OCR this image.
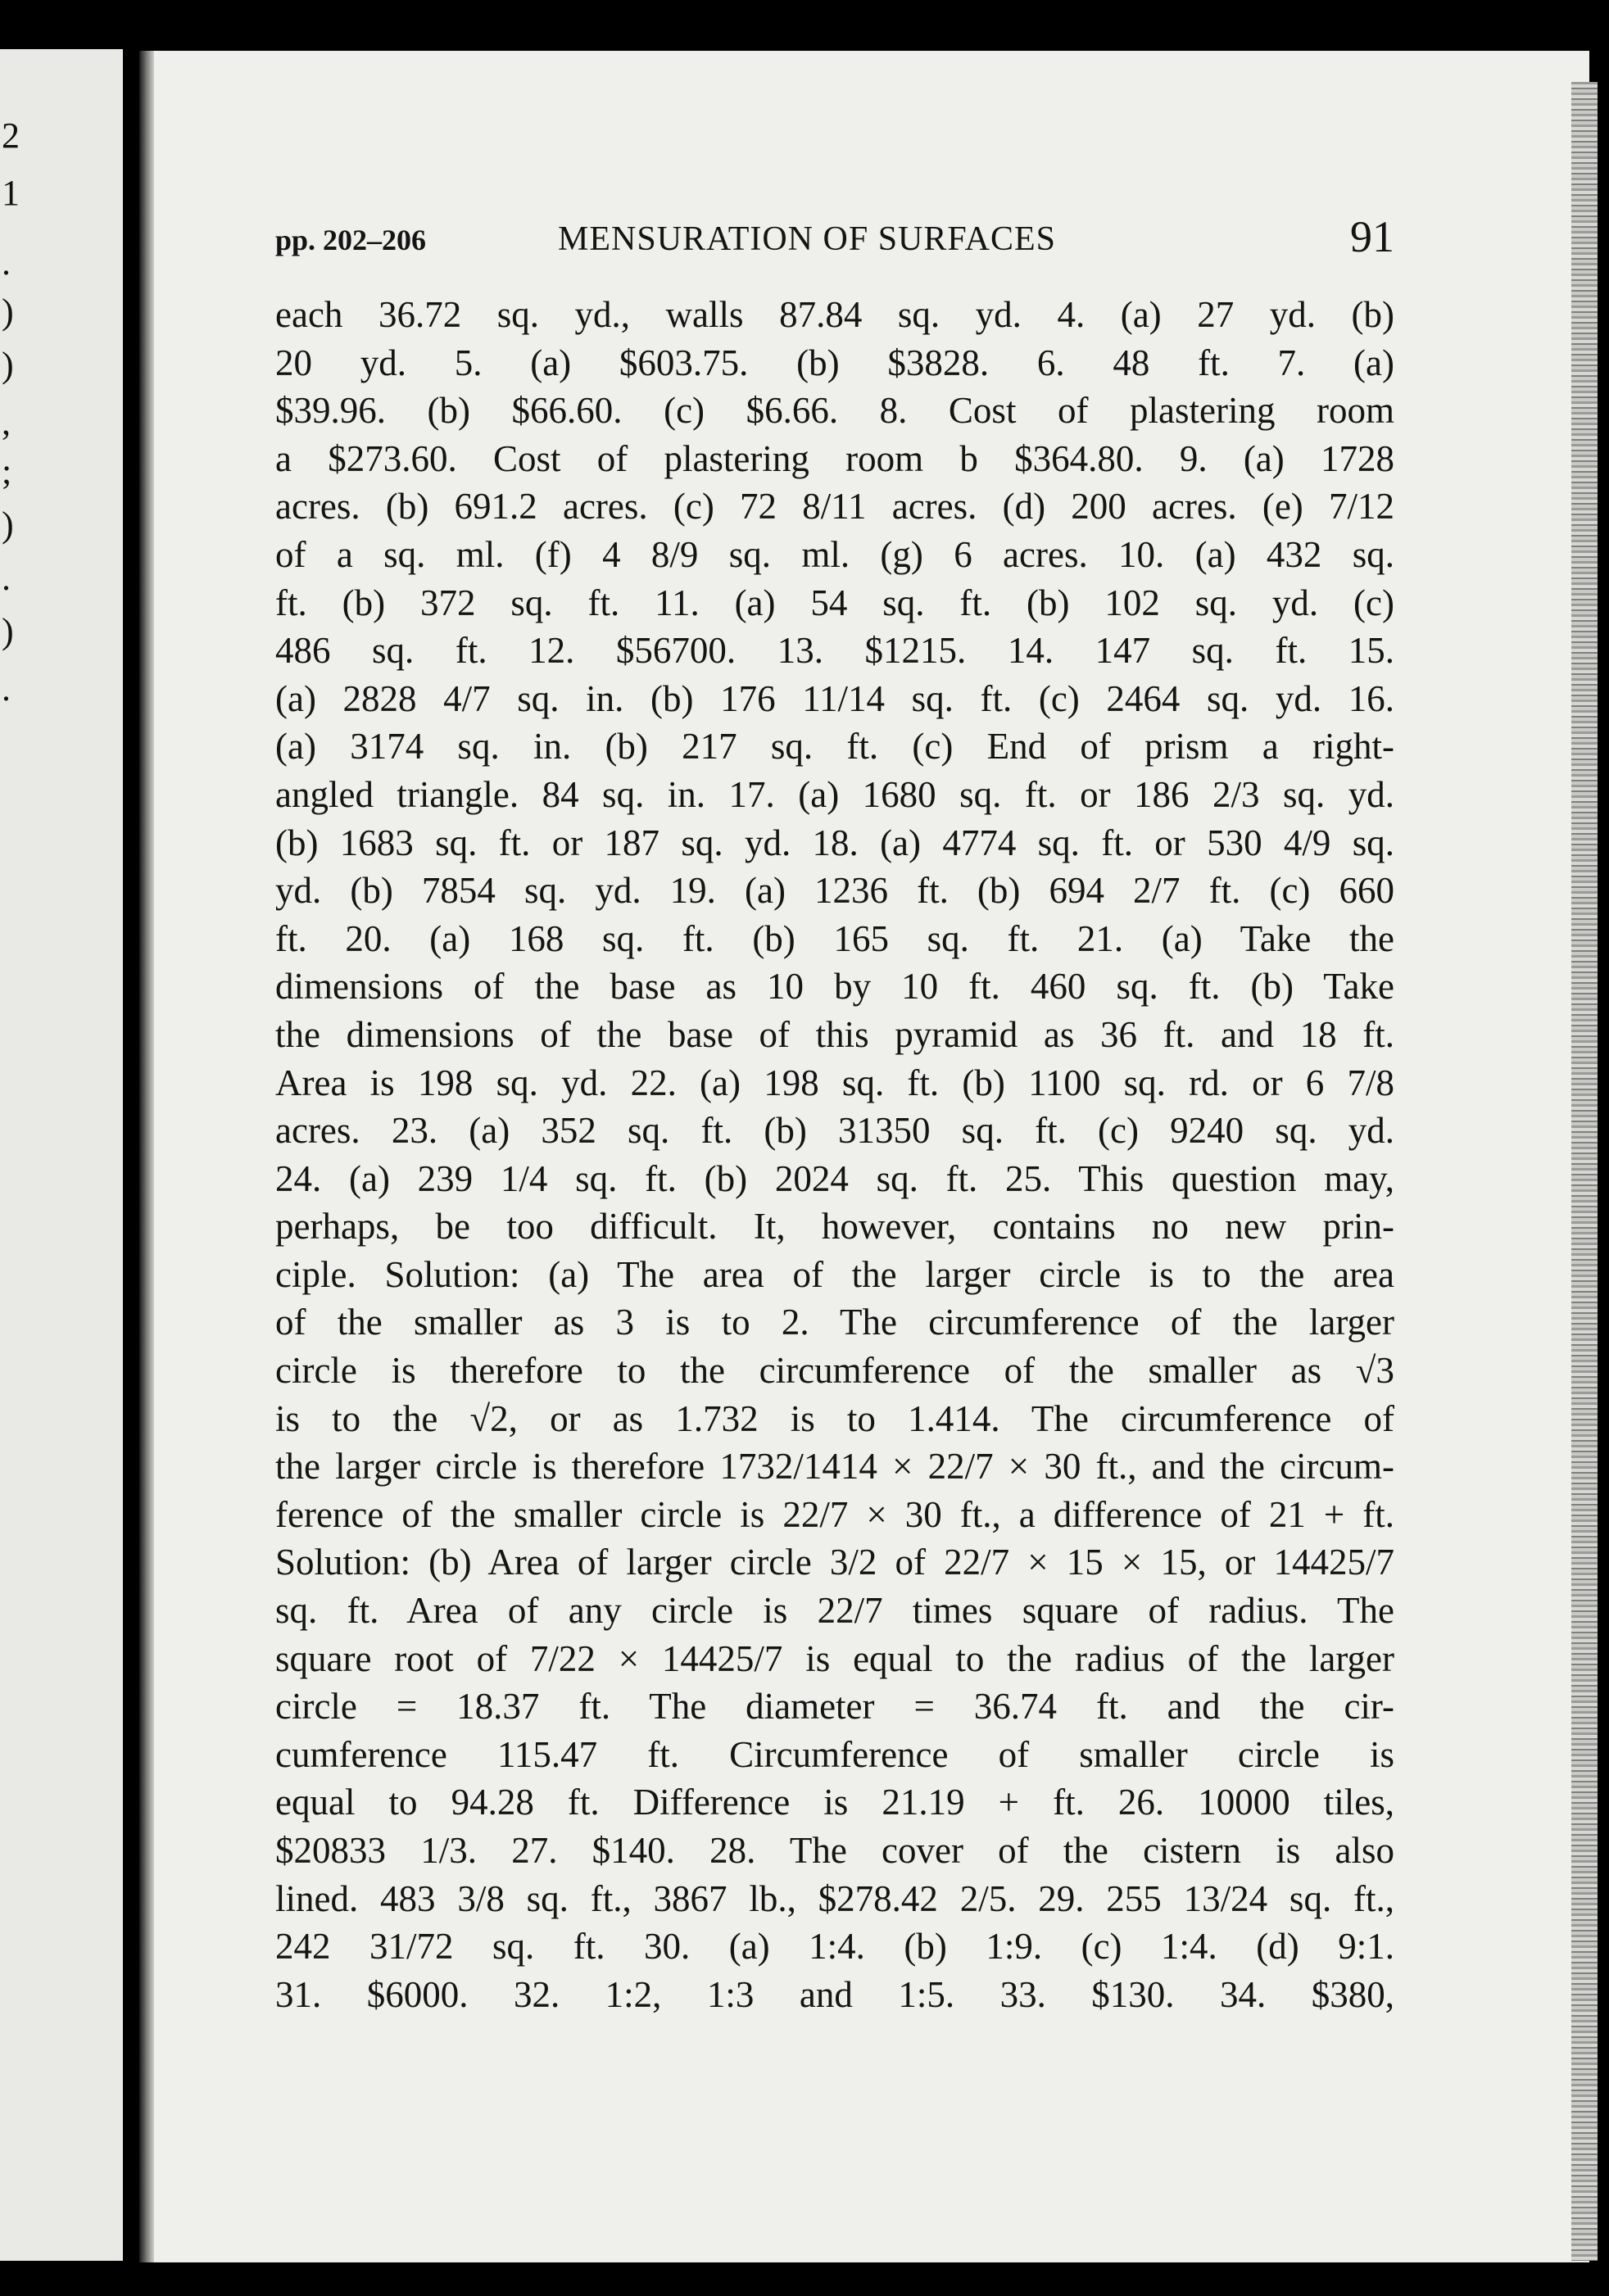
2
1
.
)
)
,
;
)
.
)
.
pp. 202–206	MENSURATION OF SURFACES	91
each 36.72 sq. yd., walls 87.84 sq. yd. 4. (a) 27 yd. (b)
20 yd. 5. (a) $603.75. (b) $3828. 6. 48 ft. 7. (a)
$39.96. (b) $66.60. (c) $6.66. 8. Cost of plastering room
a $273.60. Cost of plastering room b $364.80. 9. (a) 1728
acres. (b) 691.2 acres. (c) 72 8/11 acres. (d) 200 acres. (e) 7/12
of a sq. ml. (f) 4 8/9 sq. ml. (g) 6 acres. 10. (a) 432 sq.
ft. (b) 372 sq. ft. 11. (a) 54 sq. ft. (b) 102 sq. yd. (c)
486 sq. ft. 12. $56700. 13. $1215. 14. 147 sq. ft. 15.
(a) 2828 4/7 sq. in. (b) 176 11/14 sq. ft. (c) 2464 sq. yd. 16.
(a) 3174 sq. in. (b) 217 sq. ft. (c) End of prism a right-
angled triangle. 84 sq. in. 17. (a) 1680 sq. ft. or 186 2/3 sq. yd.
(b) 1683 sq. ft. or 187 sq. yd. 18. (a) 4774 sq. ft. or 530 4/9 sq.
yd. (b) 7854 sq. yd. 19. (a) 1236 ft. (b) 694 2/7 ft. (c) 660
ft. 20. (a) 168 sq. ft. (b) 165 sq. ft. 21. (a) Take the
dimensions of the base as 10 by 10 ft. 460 sq. ft. (b) Take
the dimensions of the base of this pyramid as 36 ft. and 18 ft.
Area is 198 sq. yd. 22. (a) 198 sq. ft. (b) 1100 sq. rd. or 6 7/8
acres. 23. (a) 352 sq. ft. (b) 31350 sq. ft. (c) 9240 sq. yd.
24. (a) 239 1/4 sq. ft. (b) 2024 sq. ft. 25. This question may,
perhaps, be too difficult. It, however, contains no new prin-
ciple. Solution: (a) The area of the larger circle is to the area
of the smaller as 3 is to 2. The circumference of the larger
circle is therefore to the circumference of the smaller as √3
is to the √2, or as 1.732 is to 1.414. The circumference of
the larger circle is therefore 1732/1414 × 22/7 × 30 ft., and the circum-
ference of the smaller circle is 22/7 × 30 ft., a difference of 21 + ft.
Solution: (b) Area of larger circle 3/2 of 22/7 × 15 × 15, or 14425/7
sq. ft. Area of any circle is 22/7 times square of radius. The
square root of 7/22 × 14425/7 is equal to the radius of the larger
circle = 18.37 ft. The diameter = 36.74 ft. and the cir-
cumference 115.47 ft. Circumference of smaller circle is
equal to 94.28 ft. Difference is 21.19 + ft. 26. 10000 tiles,
$20833 1/3. 27. $140. 28. The cover of the cistern is also
lined. 483 3/8 sq. ft., 3867 lb., $278.42 2/5. 29. 255 13/24 sq. ft.,
242 31/72 sq. ft. 30. (a) 1:4. (b) 1:9. (c) 1:4. (d) 9:1.
31. $6000. 32. 1:2, 1:3 and 1:5. 33. $130. 34. $380,
